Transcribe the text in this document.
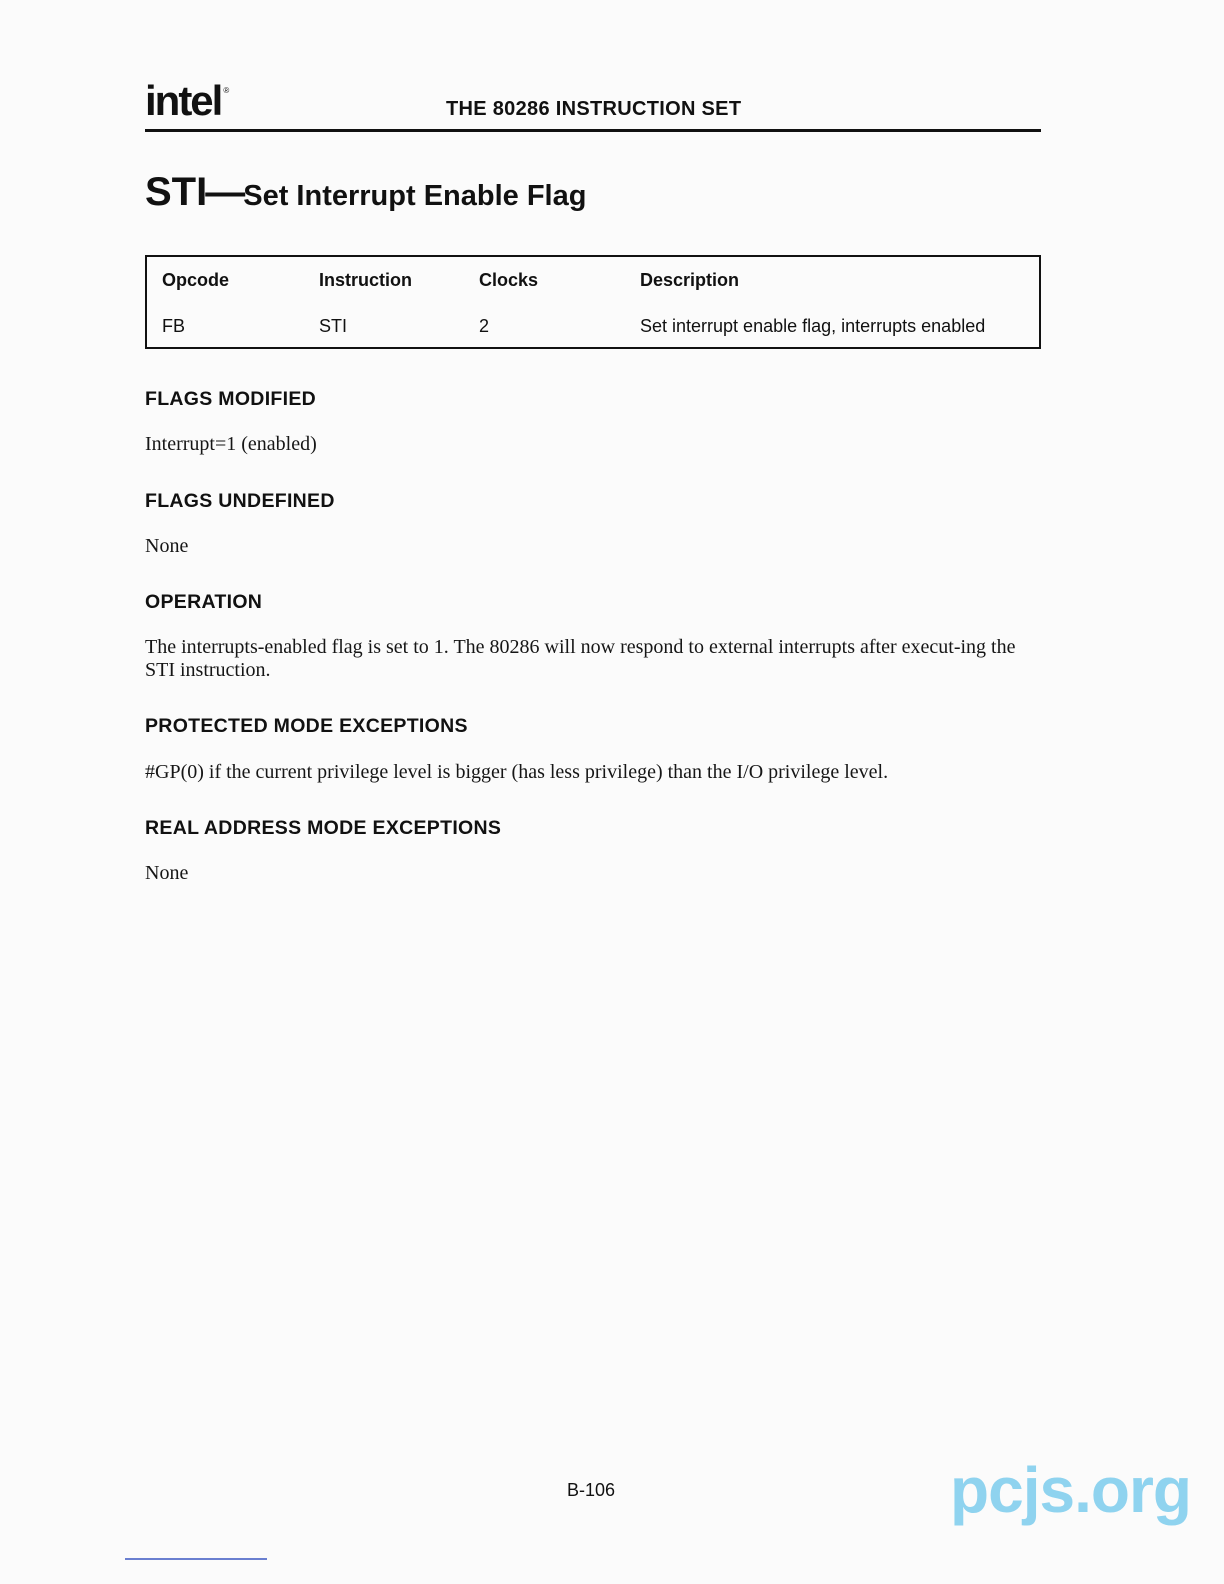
intel ®
THE 80286 INSTRUCTION SET
STI—Set Interrupt Enable Flag
Opcode	Instruction	Clocks	Description
FB	STI	2	Set interrupt enable flag, interrupts enabled
FLAGS MODIFIED
Interrupt=1 (enabled)
FLAGS UNDEFINED
None
OPERATION
The interrupts-enabled flag is set to 1. The 80286 will now respond to external interrupts after execut-ing the STI instruction.
PROTECTED MODE EXCEPTIONS
#GP(0) if the current privilege level is bigger (has less privilege) than the I/O privilege level.
REAL ADDRESS MODE EXCEPTIONS
None
B-106	pcjs.org
